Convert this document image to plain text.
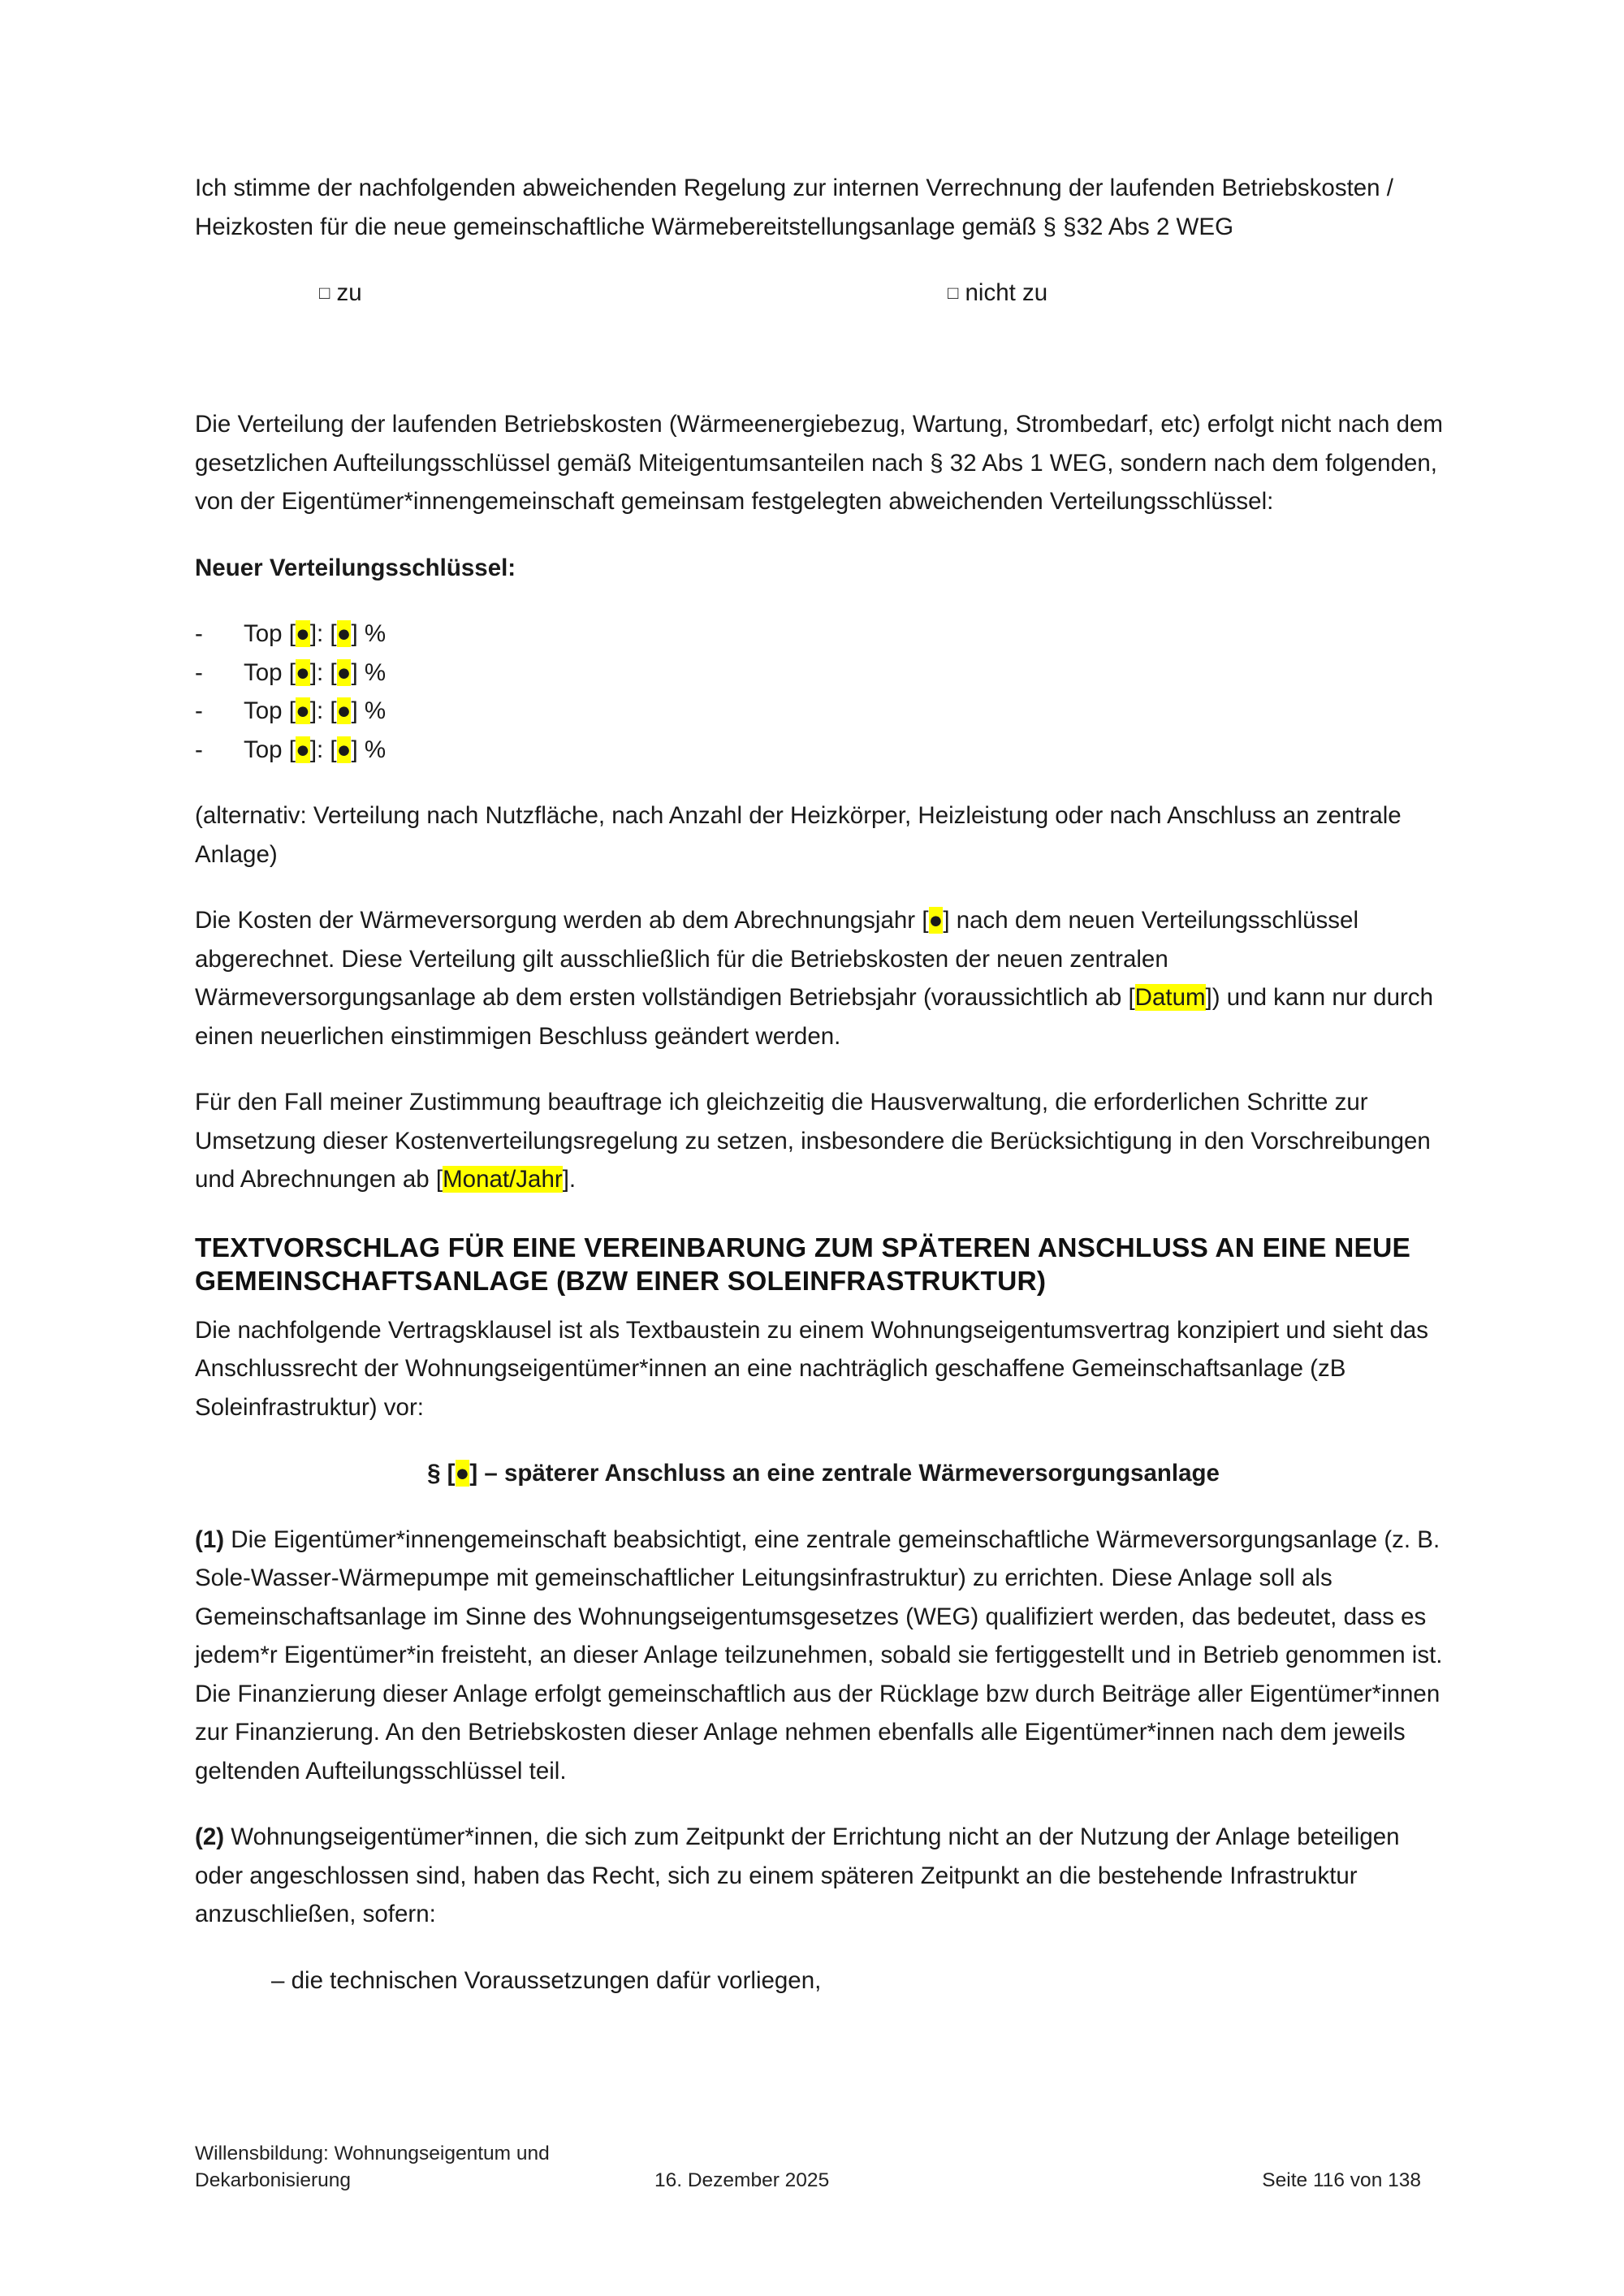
Ich stimme der nachfolgenden abweichenden Regelung zur internen Verrechnung der laufenden Betriebskosten / Heizkosten für die neue gemeinschaftliche Wärmebereitstellungsanlage gemäß § §32 Abs 2 WEG

□ zu	□ nicht zu

Die Verteilung der laufenden Betriebskosten (Wärmeenergiebezug, Wartung, Strombedarf, etc) erfolgt nicht nach dem gesetzlichen Aufteilungsschlüssel gemäß Miteigentumsanteilen nach § 32 Abs 1 WEG, sondern nach dem folgenden, von der Eigentümer*innengemeinschaft gemeinsam festgelegten abweichenden Verteilungsschlüssel:

Neuer Verteilungsschlüssel:

- Top [●]: [●] %
- Top [●]: [●] %
- Top [●]: [●] %
- Top [●]: [●] %

(alternativ: Verteilung nach Nutzfläche, nach Anzahl der Heizkörper, Heizleistung oder nach Anschluss an zentrale Anlage)

Die Kosten der Wärmeversorgung werden ab dem Abrechnungsjahr [●] nach dem neuen Verteilungsschlüssel abgerechnet. Diese Verteilung gilt ausschließlich für die Betriebskosten der neuen zentralen Wärmeversorgungsanlage ab dem ersten vollständigen Betriebsjahr (voraussichtlich ab [Datum]) und kann nur durch einen neuerlichen einstimmigen Beschluss geändert werden.

Für den Fall meiner Zustimmung beauftrage ich gleichzeitig die Hausverwaltung, die erforderlichen Schritte zur Umsetzung dieser Kostenverteilungsregelung zu setzen, insbesondere die Berücksichtigung in den Vorschreibungen und Abrechnungen ab [Monat/Jahr].

TEXTVORSCHLAG FÜR EINE VEREINBARUNG ZUM SPÄTEREN ANSCHLUSS AN EINE NEUE GEMEINSCHAFTSANLAGE (BZW EINER SOLEINFRASTRUKTUR)

Die nachfolgende Vertragsklausel ist als Textbaustein zu einem Wohnungseigentumsvertrag konzipiert und sieht das Anschlussrecht der Wohnungseigentümer*innen an eine nachträglich geschaffene Gemeinschaftsanlage (zB Soleinfrastruktur) vor:

§ [●] – späterer Anschluss an eine zentrale Wärmeversorgungsanlage

(1) Die Eigentümer*innengemeinschaft beabsichtigt, eine zentrale gemeinschaftliche Wärmeversorgungsanlage (z. B. Sole-Wasser-Wärmepumpe mit gemeinschaftlicher Leitungsinfrastruktur) zu errichten. Diese Anlage soll als Gemeinschaftsanlage im Sinne des Wohnungseigentumsgesetzes (WEG) qualifiziert werden, das bedeutet, dass es jedem*r Eigentümer*in freisteht, an dieser Anlage teilzunehmen, sobald sie fertiggestellt und in Betrieb genommen ist. Die Finanzierung dieser Anlage erfolgt gemeinschaftlich aus der Rücklage bzw durch Beiträge aller Eigentümer*innen zur Finanzierung. An den Betriebskosten dieser Anlage nehmen ebenfalls alle Eigentümer*innen nach dem jeweils geltenden Aufteilungsschlüssel teil.

(2) Wohnungseigentümer*innen, die sich zum Zeitpunkt der Errichtung nicht an der Nutzung der Anlage beteiligen oder angeschlossen sind, haben das Recht, sich zu einem späteren Zeitpunkt an die bestehende Infrastruktur anzuschließen, sofern:

– die technischen Voraussetzungen dafür vorliegen,

Willensbildung: Wohnungseigentum und Dekarbonisierung	16. Dezember 2025	Seite 116 von 138
